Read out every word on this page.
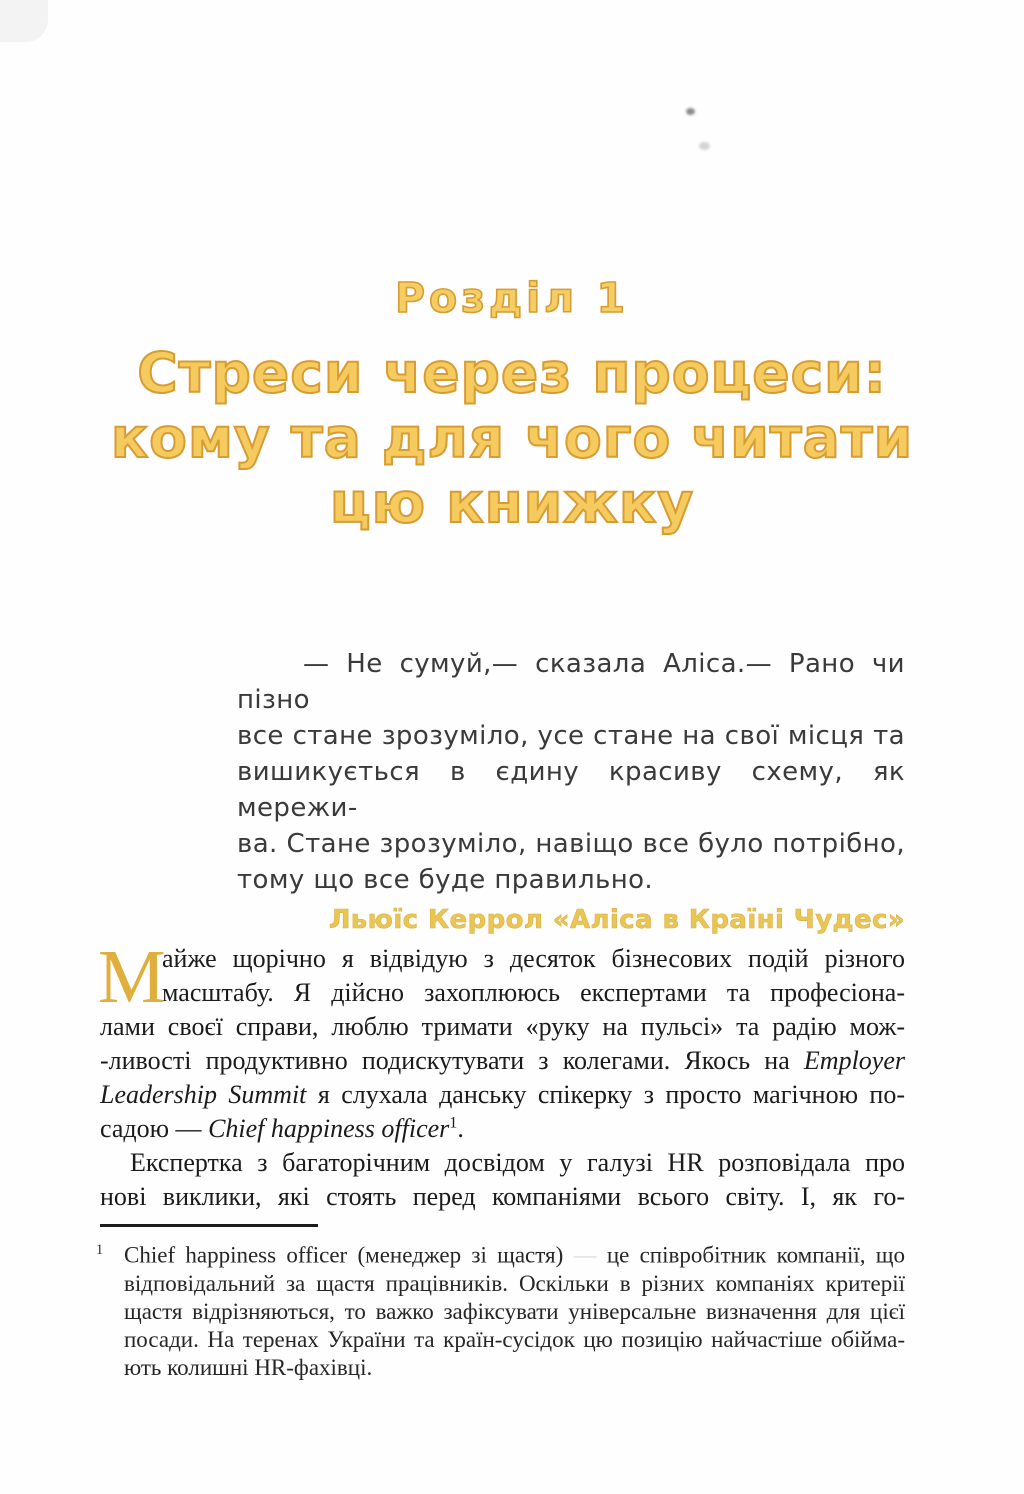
Розділ 1
Стреси через процеси:
кому та для чого читати
цю книжку
— Не сумуй,— сказала Аліса.— Рано чи пізно
все стане зрозуміло, усе стане на свої місця та
вишикується в єдину красиву схему, як мережи-
ва. Стане зрозуміло, навіщо все було потрібно,
тому що все буде правильно.
Льюїс Керрол «Аліса в Країні Чудес»
М
айже щорічно я відвідую з десяток бізнесових подій різного
масштабу. Я дійсно захоплююсь експертами та професіона-
лами своєї справи, люблю тримати «руку на пульсі» та радію мож-
-ливості продуктивно подискутувати з колегами. Якось на Employer
Leadership Summit я слухала данську спікерку з просто магічною по-
садою — Chief happiness officer$^1$.
Експертка з багаторічним досвідом у галузі HR розповідала про
нові виклики, які стоять перед компаніями всього світу. І, як го-
$^1$ Chief happiness officer (менеджер зі щастя) — це співробітник компанії, що
відповідальний за щастя працівників. Оскільки в різних компаніях критерії
щастя відрізняються, то важко зафіксувати універсальне визначення для цієї
посади. На теренах України та країн-сусідок цю позицію найчастіше обійма-
ють колишні HR-фахівці.
